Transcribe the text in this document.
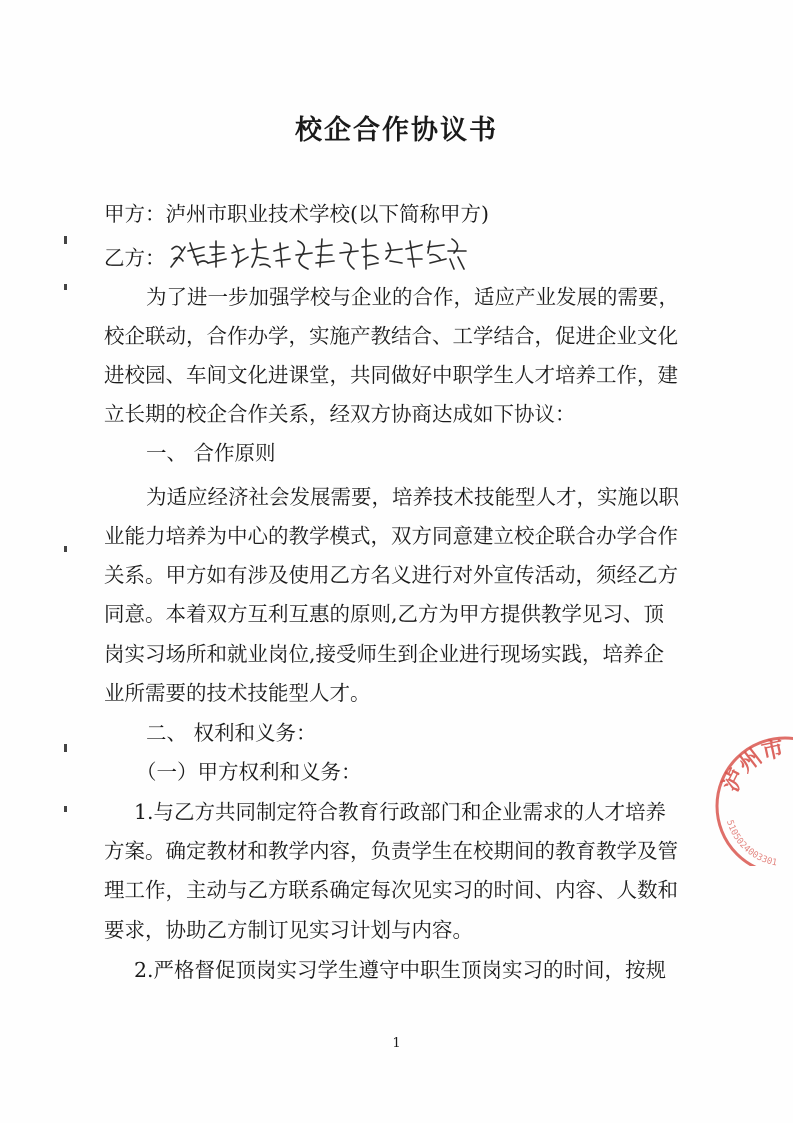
校企合作协议书
甲方：泸州市职业技术学校(以下简称甲方)
乙方：
为了进一步加强学校与企业的合作，适应产业发展的需要，
校企联动，合作办学，实施产教结合、工学结合，促进企业文化
进校园、车间文化进课堂，共同做好中职学生人才培养工作，建
立长期的校企合作关系，经双方协商达成如下协议：
一、 合作原则
为适应经济社会发展需要，培养技术技能型人才，实施以职
业能力培养为中心的教学模式，双方同意建立校企联合办学合作
关系。甲方如有涉及使用乙方名义进行对外宣传活动，须经乙方
同意。本着双方互利互惠的原则,乙方为甲方提供教学见习、顶
岗实习场所和就业岗位,接受师生到企业进行现场实践，培养企
业所需要的技术技能型人才。
二、 权利和义务：
（一）甲方权利和义务：
1.与乙方共同制定符合教育行政部门和企业需求的人才培养
方案。确定教材和教学内容，负责学生在校期间的教育教学及管
理工作，主动与乙方联系确定每次见实习的时间、内容、人数和
要求，协助乙方制订见实习计划与内容。
2.严格督促顶岗实习学生遵守中职生顶岗实习的时间，按规
泸州市
5105024003301
1
